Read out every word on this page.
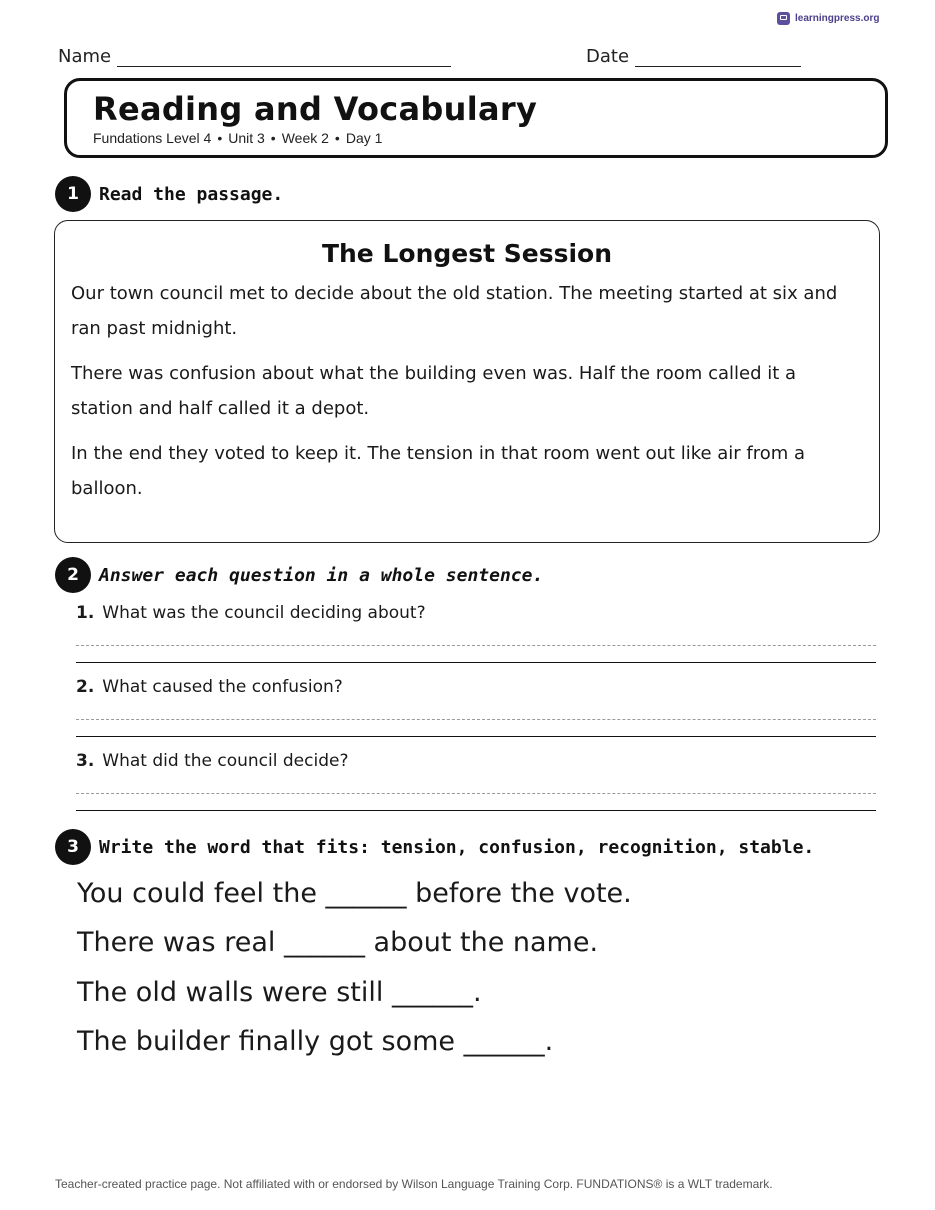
learningpress.org
Name	Date
Reading and Vocabulary
Fundations Level 4 • Unit 3 • Week 2 • Day 1
1	Read the passage.
The Longest Session

Our town council met to decide about the old station. The meeting started at six and ran past midnight.

There was confusion about what the building even was. Half the room called it a station and half called it a depot.

In the end they voted to keep it. The tension in that room went out like air from a balloon.

2	Answer each question in a whole sentence.
1. What was the council deciding about?
2. What caused the confusion?
3. What did the council decide?
3	Write the word that fits: tension, confusion, recognition, stable.
You could feel the ______ before the vote.
There was real ______ about the name.
The old walls were still ______.
The builder finally got some ______.
Teacher-created practice page. Not affiliated with or endorsed by Wilson Language Training Corp. FUNDATIONS® is a WLT trademark.
